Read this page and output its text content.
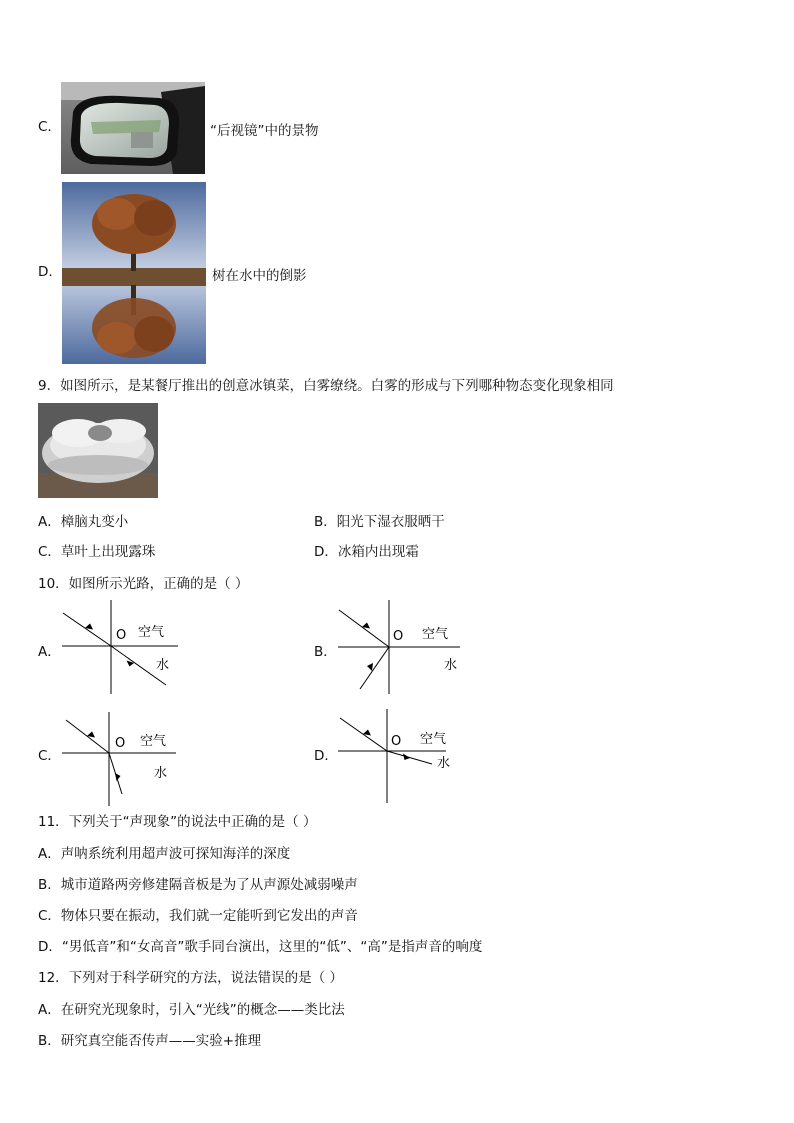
C.	“后视镜”中的景物
D.	树在水中的倒影
9．如图所示，是某餐厅推出的创意冰镇菜，白雾缭绕。白雾的形成与下列哪种物态变化现象相同
A．樟脑丸变小	B．阳光下湿衣服晒干
C．草叶上出现露珠	D．冰箱内出现霜
10．如图所示光路，正确的是（ ）
A．
O 空气
水
B．
O 空气
水
C．
O 空气
水
D．
O 空气
水
11．下列关于“声现象”的说法中正确的是（ ）
A．声呐系统利用超声波可探知海洋的深度
B．城市道路两旁修建隔音板是为了从声源处减弱噪声
C．物体只要在振动，我们就一定能听到它发出的声音
D．“男低音”和“女高音”歌手同台演出，这里的“低”、“高”是指声音的响度
12．下列对于科学研究的方法，说法错误的是（ ）
A．在研究光现象时，引入“光线”的概念——类比法
B．研究真空能否传声——实验+推理
